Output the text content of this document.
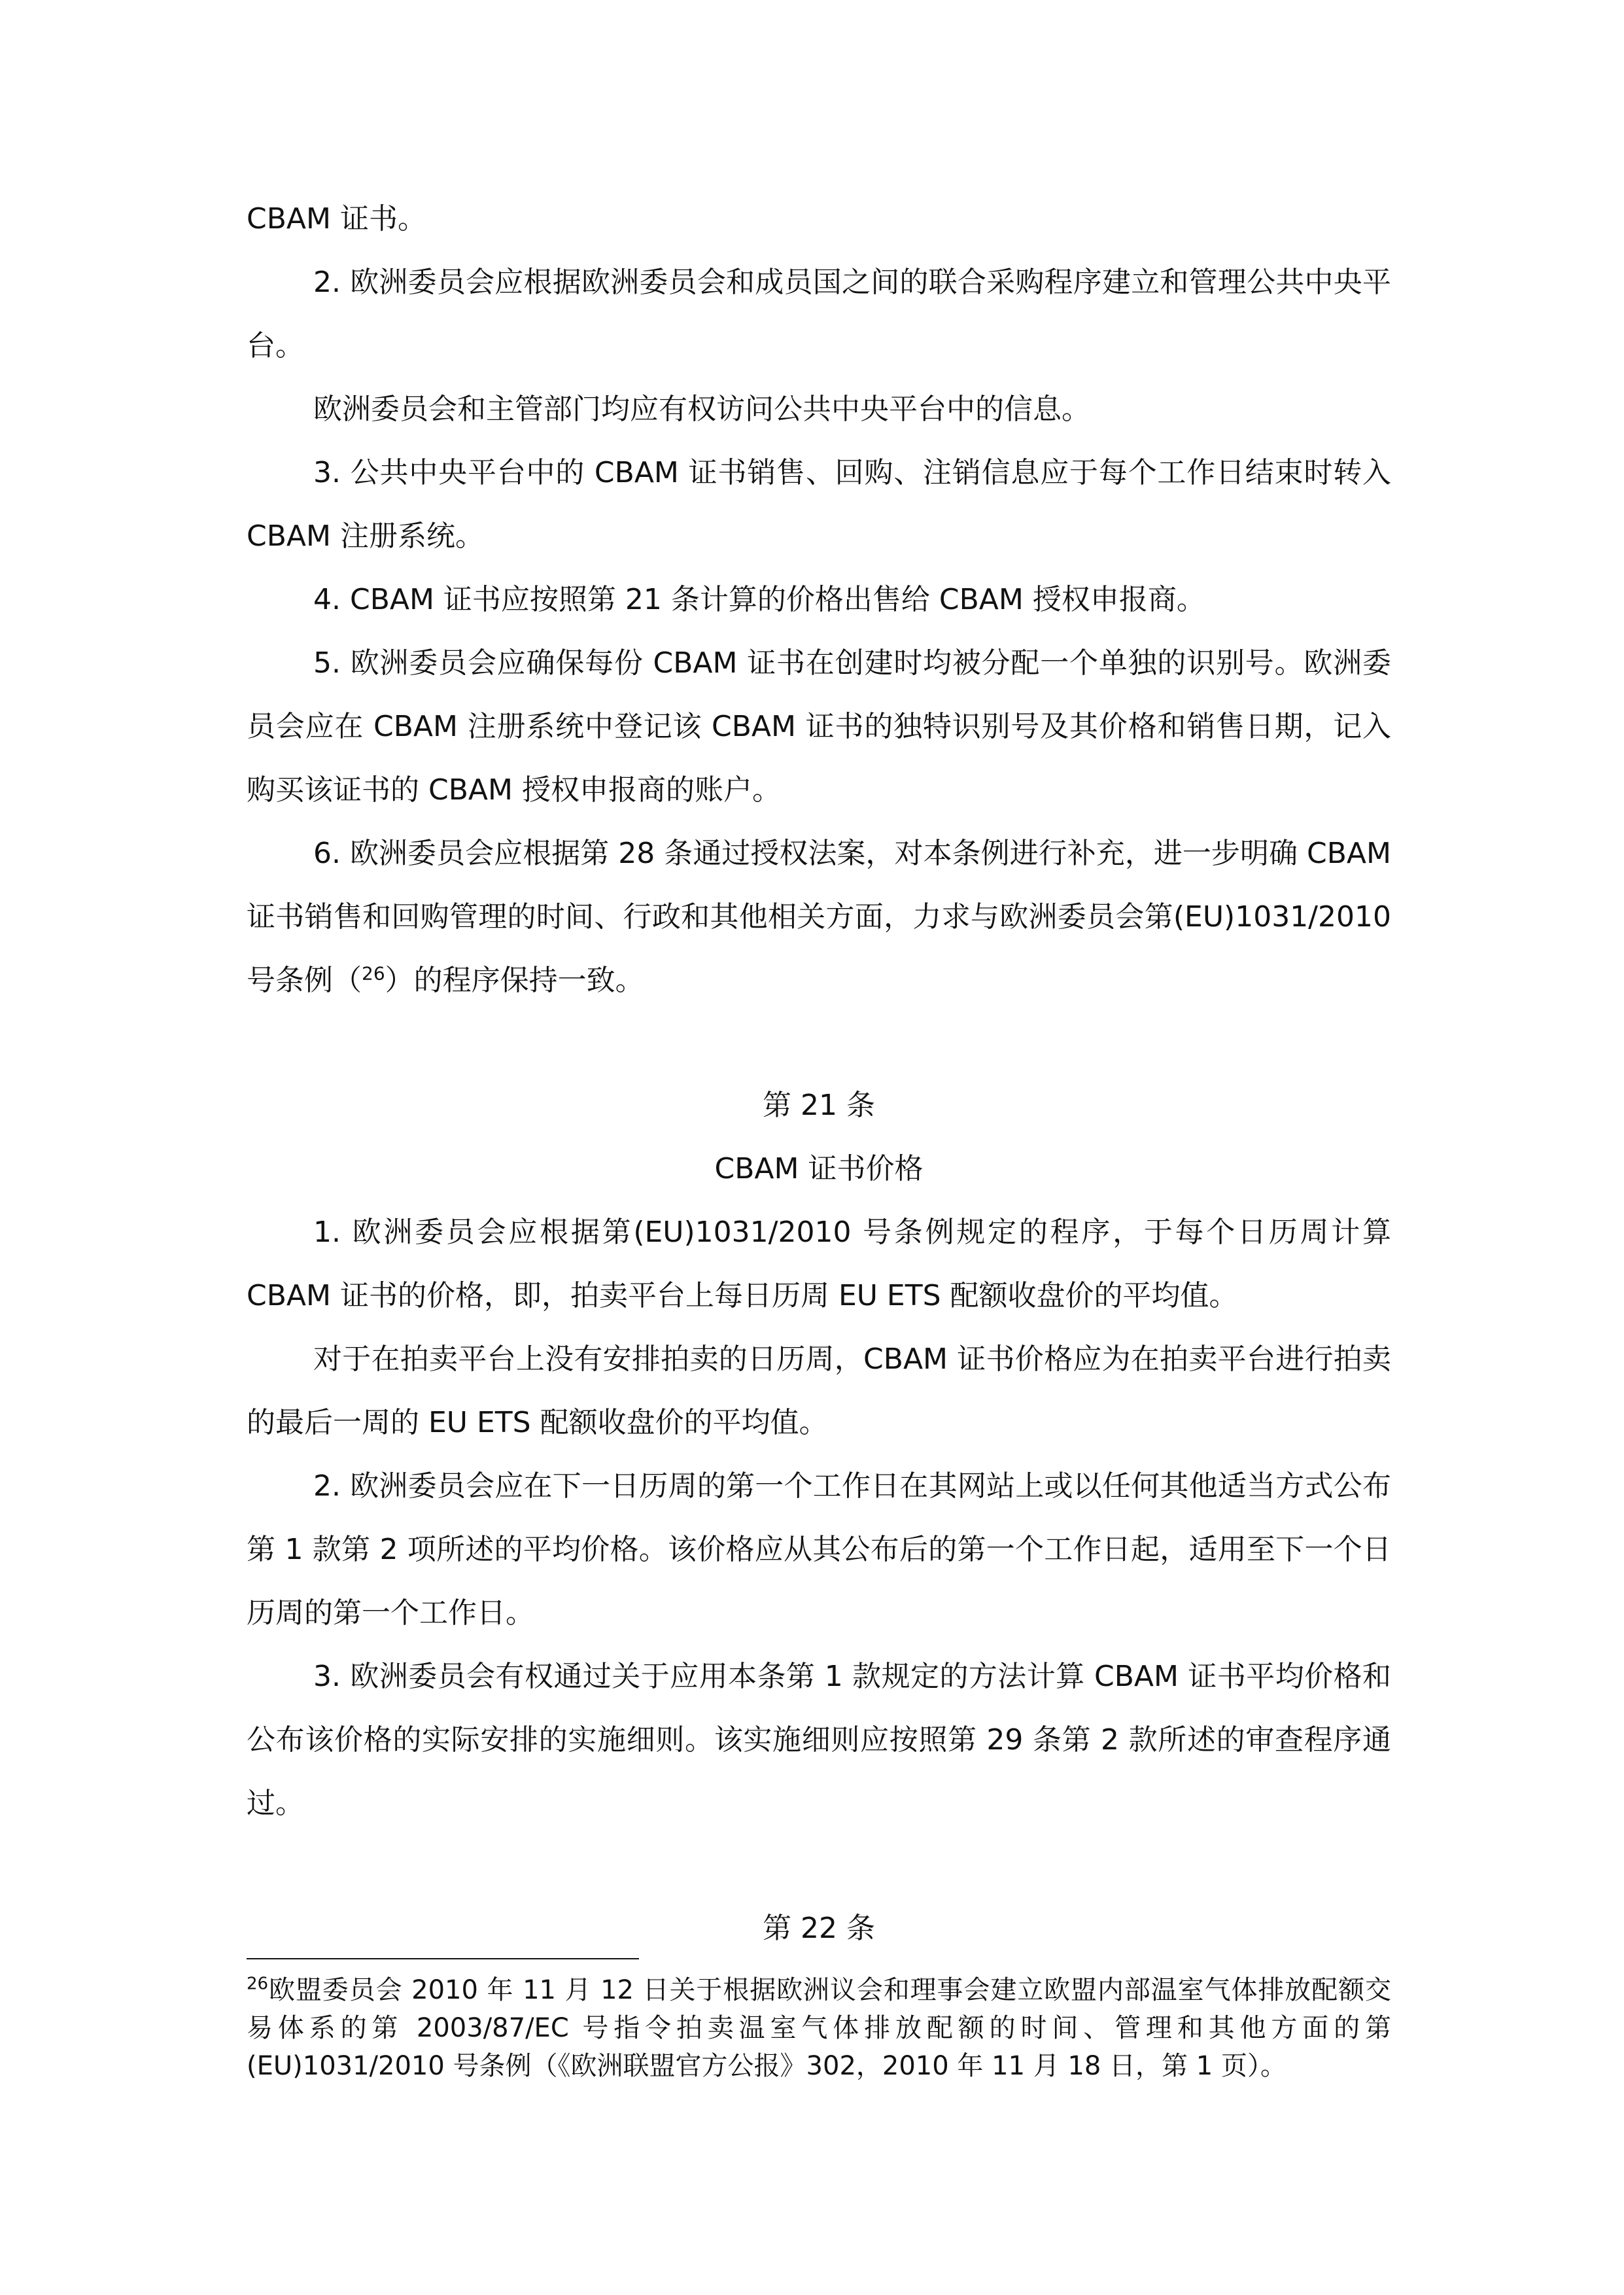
CBAM 证书。

2. 欧洲委员会应根据欧洲委员会和成员国之间的联合采购程序建立和管理公共中央平台。

欧洲委员会和主管部门均应有权访问公共中央平台中的信息。

3. 公共中央平台中的 CBAM 证书销售、回购、注销信息应于每个工作日结束时转入 CBAM 注册系统。

4. CBAM 证书应按照第 21 条计算的价格出售给 CBAM 授权申报商。

5. 欧洲委员会应确保每份 CBAM 证书在创建时均被分配一个单独的识别号。欧洲委员会应在 CBAM 注册系统中登记该 CBAM 证书的独特识别号及其价格和销售日期，记入购买该证书的 CBAM 授权申报商的账户。

6. 欧洲委员会应根据第 28 条通过授权法案，对本条例进行补充，进一步明确 CBAM 证书销售和回购管理的时间、行政和其他相关方面，力求与欧洲委员会第(EU)1031/2010 号条例（$^{26}$）的程序保持一致。

第 21 条

CBAM 证书价格

1. 欧洲委员会应根据第(EU)1031/2010 号条例规定的程序，于每个日历周计算 CBAM 证书的价格，即，拍卖平台上每日历周 EU ETS 配额收盘价的平均值。

对于在拍卖平台上没有安排拍卖的日历周，CBAM 证书价格应为在拍卖平台进行拍卖的最后一周的 EU ETS 配额收盘价的平均值。

2. 欧洲委员会应在下一日历周的第一个工作日在其网站上或以任何其他适当方式公布第 1 款第 2 项所述的平均价格。该价格应从其公布后的第一个工作日起，适用至下一个日历周的第一个工作日。

3. 欧洲委员会有权通过关于应用本条第 1 款规定的方法计算 CBAM 证书平均价格和公布该价格的实际安排的实施细则。该实施细则应按照第 29 条第 2 款所述的审查程序通过。

第 22 条

$^{26}$欧盟委员会 2010 年 11 月 12 日关于根据欧洲议会和理事会建立欧盟内部温室气体排放配额交易体系的第 2003/87/EC 号指令拍卖温室气体排放配额的时间、管理和其他方面的第(EU)1031/2010 号条例（《欧洲联盟官方公报》302，2010 年 11 月 18 日，第 1 页）。
